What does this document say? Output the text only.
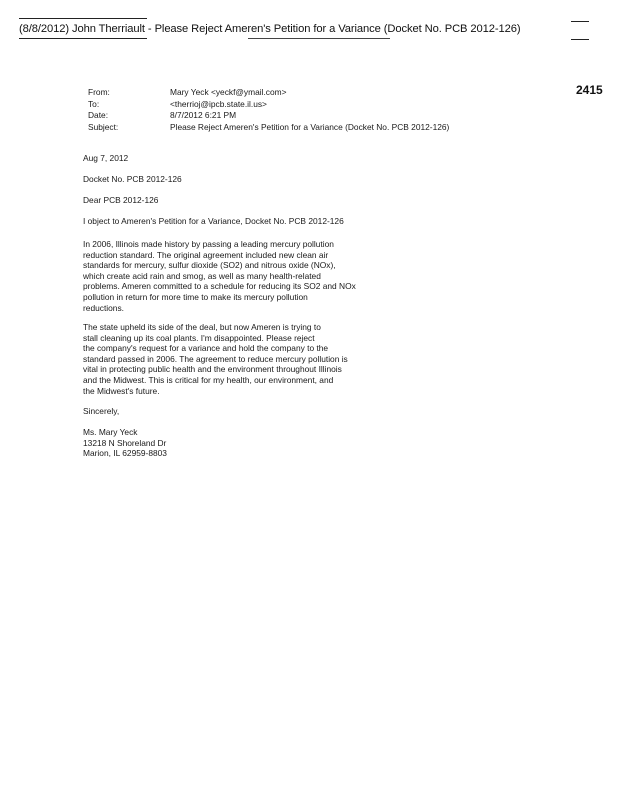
(8/8/2012) John Therriault - Please Reject Ameren's Petition for a Variance (Docket No. PCB 2012-126)
2415
From:	Mary Yeck <yeckf@ymail.com>
To:	<therrioj@ipcb.state.il.us>
Date:	8/7/2012 6:21 PM
Subject:	Please Reject Ameren's Petition for a Variance (Docket No. PCB 2012-126)
Aug 7, 2012
Docket No. PCB 2012-126
Dear PCB 2012-126
I object to Ameren's Petition for a Variance, Docket No. PCB 2012-126
In 2006, Illinois made history by passing a leading mercury pollution
reduction standard. The original agreement included new clean air
standards for mercury, sulfur dioxide (SO2) and nitrous oxide (NOx),
which create acid rain and smog, as well as many health-related
problems. Ameren committed to a schedule for reducing its SO2 and NOx
pollution in return for more time to make its mercury pollution
reductions.
The state upheld its side of the deal, but now Ameren is trying to
stall cleaning up its coal plants. I'm disappointed. Please reject
the company's request for a variance and hold the company to the
standard passed in 2006. The agreement to reduce mercury pollution is
vital in protecting public health and the environment throughout Illinois
and the Midwest. This is critical for my health, our environment, and
the Midwest's future.
Sincerely,
Ms. Mary Yeck
13218 N Shoreland Dr
Marion, IL 62959-8803
